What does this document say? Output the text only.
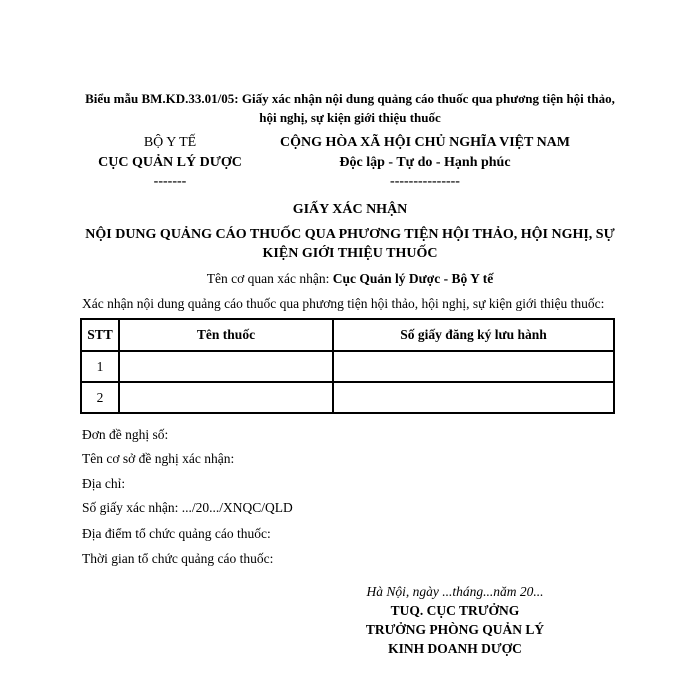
Biểu mẫu BM.KD.33.01/05: Giấy xác nhận nội dung quảng cáo thuốc qua phương tiện hội thảo, hội nghị, sự kiện giới thiệu thuốc
BỘ Y TẾ
CỤC QUẢN LÝ DƯỢC
-------
CỘNG HÒA XÃ HỘI CHỦ NGHĨA VIỆT NAM
Độc lập - Tự do - Hạnh phúc
---------------
GIẤY XÁC NHẬN
NỘI DUNG QUẢNG CÁO THUỐC QUA PHƯƠNG TIỆN HỘI THẢO, HỘI NGHỊ, SỰ KIỆN GIỚI THIỆU THUỐC
Tên cơ quan xác nhận: Cục Quản lý Dược - Bộ Y tế
Xác nhận nội dung quảng cáo thuốc qua phương tiện hội thảo, hội nghị, sự kiện giới thiệu thuốc:
STT	Tên thuốc	Số giấy đăng ký lưu hành
1		
2		
Đơn đề nghị số:
Tên cơ sở đề nghị xác nhận:
Địa chỉ:
Số giấy xác nhận: .../20.../XNQC/QLD
Địa điểm tổ chức quảng cáo thuốc:
Thời gian tổ chức quảng cáo thuốc:
Hà Nội, ngày ...tháng...năm 20...
TUQ. CỤC TRƯỞNG
TRƯỞNG PHÒNG QUẢN LÝ
KINH DOANH DƯỢC
